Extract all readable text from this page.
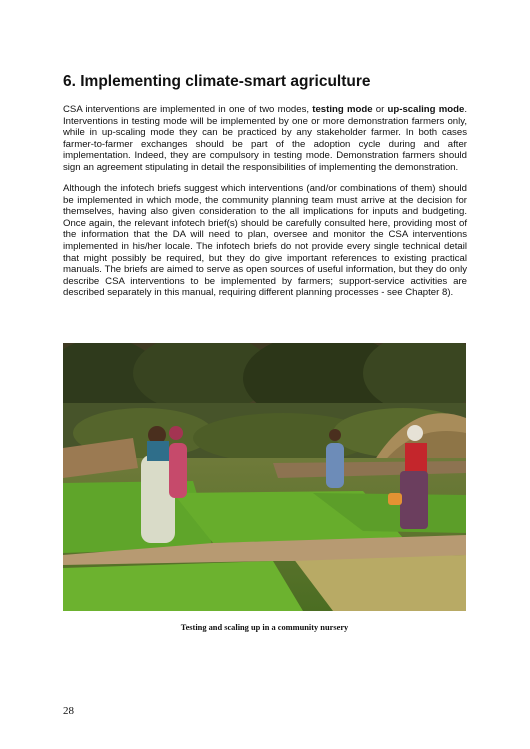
6. Implementing climate-smart agriculture

CSA interventions are implemented in one of two modes, testing mode or up-scaling mode. Interventions in testing mode will be implemented by one or more demonstration farmers only, while in up-scaling mode they can be practiced by any stakeholder farmer. In both cases farmer-to-farmer exchanges should be part of the adoption cycle during and after implementation. Indeed, they are compulsory in testing mode. Demonstration farmers should sign an agreement stipulating in detail the responsibilities of implementing the demonstration.

Although the infotech briefs suggest which interventions (and/or combinations of them) should be implemented in which mode, the community planning team must arrive at the decision for themselves, having also given consideration to the all implications for inputs and budgeting. Once again, the relevant infotech brief(s) should be carefully consulted here, providing most of the information that the DA will need to plan, oversee and monitor the CSA interventions implemented in his/her locale. The infotech briefs do not provide every single technical detail that might possibly be required, but they do give important references to existing practical manuals. The briefs are aimed to serve as open sources of useful information, but they do only describe CSA interventions to be implemented by farmers; support-service activities are described separately in this manual, requiring different planning processes - see Chapter 8).

Testing and scaling up in a community nursery

28
